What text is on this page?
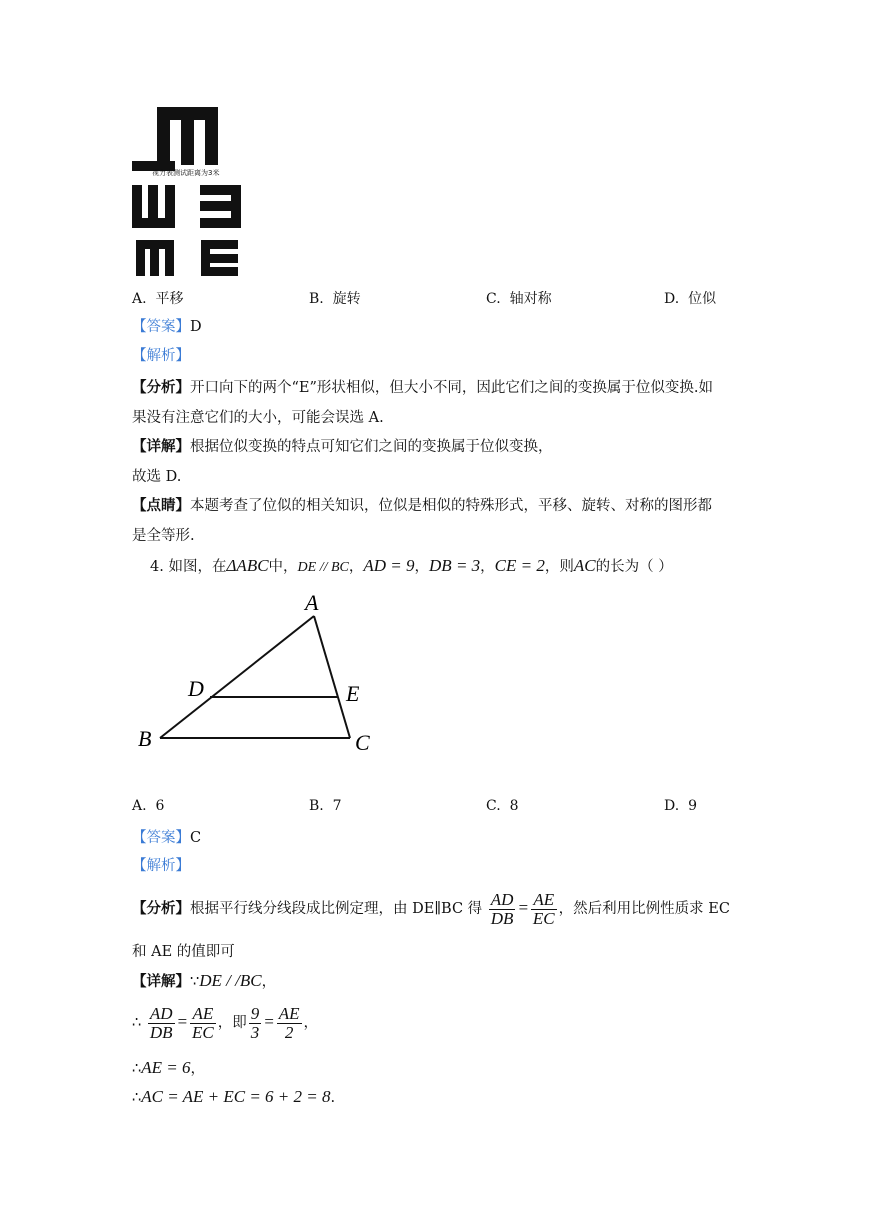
视力表测试距离为3米
A. 平移	B. 旋转	C. 轴对称	D. 位似
【答案】D
【解析】
【分析】开口向下的两个“E”形状相似，但大小不同，因此它们之间的变换属于位似变换.如
果没有注意它们的大小，可能会误选 A.
【详解】根据位似变换的特点可知它们之间的变换属于位似变换，
故选 D.
【点睛】本题考查了位似的相关知识，位似是相似的特殊形式，平移、旋转、对称的图形都
是全等形.
4. 如图，在ΔABC中，DE // BC，AD = 9，DB = 3，CE = 2，则AC的长为（ ）
A
B	C
D	E
A. 6	B. 7	C. 8	D. 9
【答案】C
【解析】
【分析】根据平行线分线段成比例定理，由 DE∥BC 得 $\frac{AD}{DB} = \frac{AE}{EC}$ ，然后利用比例性质求 EC
和 AE 的值即可
【详解】∵DE / /BC，
∴ $\frac{AD}{DB} = \frac{AE}{EC}$ ，即 $\frac{9}{3} = \frac{AE}{2}$ ，
∴AE = 6，
∴AC = AE + EC = 6 + 2 = 8.
